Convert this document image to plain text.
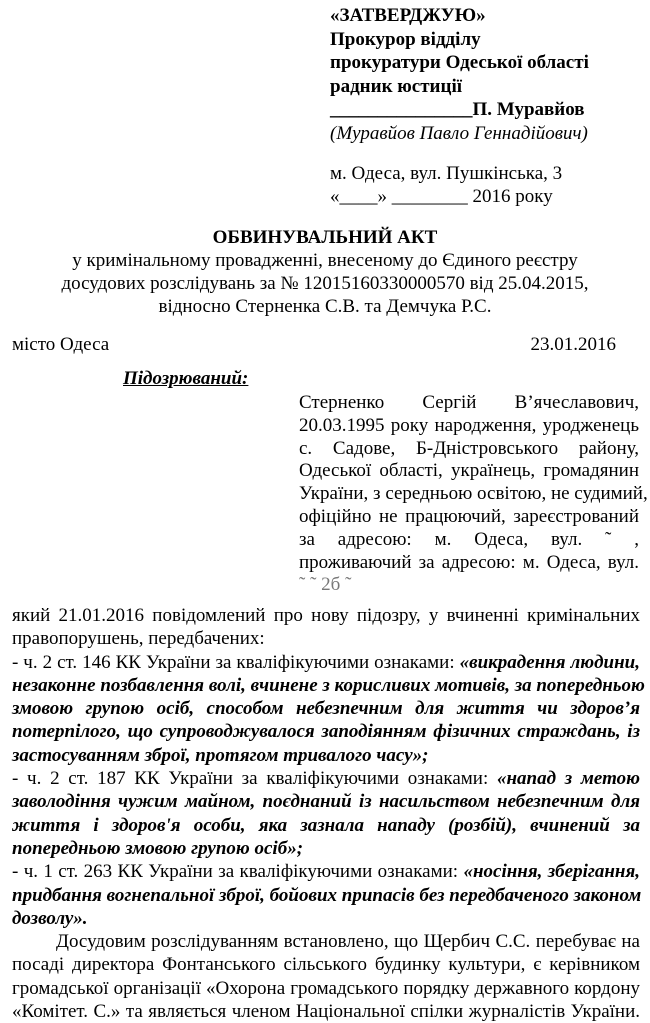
«ЗАТВЕРДЖУЮ»
Прокурор відділу
прокуратури Одеської області
радник юстиції
_______________П. Муравйов
(Муравйов Павло Геннадійович)
м. Одеса, вул. Пушкінська, 3
«____» ________ 2016 року
ОБВИНУВАЛЬНИЙ АКТ
у кримінальному провадженні, внесеному до Єдиного реєстру
досудових розслідувань за № 12015160330000570 від 25.04.2015,
відносно Стерненка С.В. та Демчука Р.С.
місто Одеса	23.01.2016
Підозрюваний:
Стерненко Сергій В’ячеславович,
20.03.1995 року народження, уродженець
с. Садове, Б-Дністровського району,
Одеської області, українець, громадянин
України, з середньою освітою, не судимий,
офіційно не працюючий, зареєстрований
за адресою: м. Одеса, вул. ˜ ,
проживаючий за адресою: м. Одеса, вул.
˜ ˜ 2б ˜
який 21.01.2016 повідомлений про нову підозру, у вчиненні кримінальних
правопорушень, передбачених:
- ч. 2 ст. 146 КК України за кваліфікуючими ознаками: «викрадення людини,
незаконне позбавлення волі, вчинене з корисливих мотивів, за попередньою
змовою групою осіб, способом небезпечним для життя чи здоров’я
потерпілого, що супроводжувалося заподіянням фізичних страждань, із
застосуванням зброї, протягом тривалого часу»;
- ч. 2 ст. 187 КК України за кваліфікуючими ознаками: «напад з метою
заволодіння чужим майном, поєднаний із насильством небезпечним для
життя і здоров'я особи, яка зазнала нападу (розбій), вчинений за
попередньою змовою групою осіб»;
- ч. 1 ст. 263 КК України за кваліфікуючими ознаками: «носіння, зберігання,
придбання вогнепальної зброї, бойових припасів без передбаченого законом
дозволу».
Досудовим розслідуванням встановлено, що Щербич С.С. перебуває на
посаді директора Фонтанського сільського будинку культури, є керівником
громадської організації «Охорона громадського порядку державного кордону
«Комітет. С.» та являється членом Національної спілки журналістів України.
